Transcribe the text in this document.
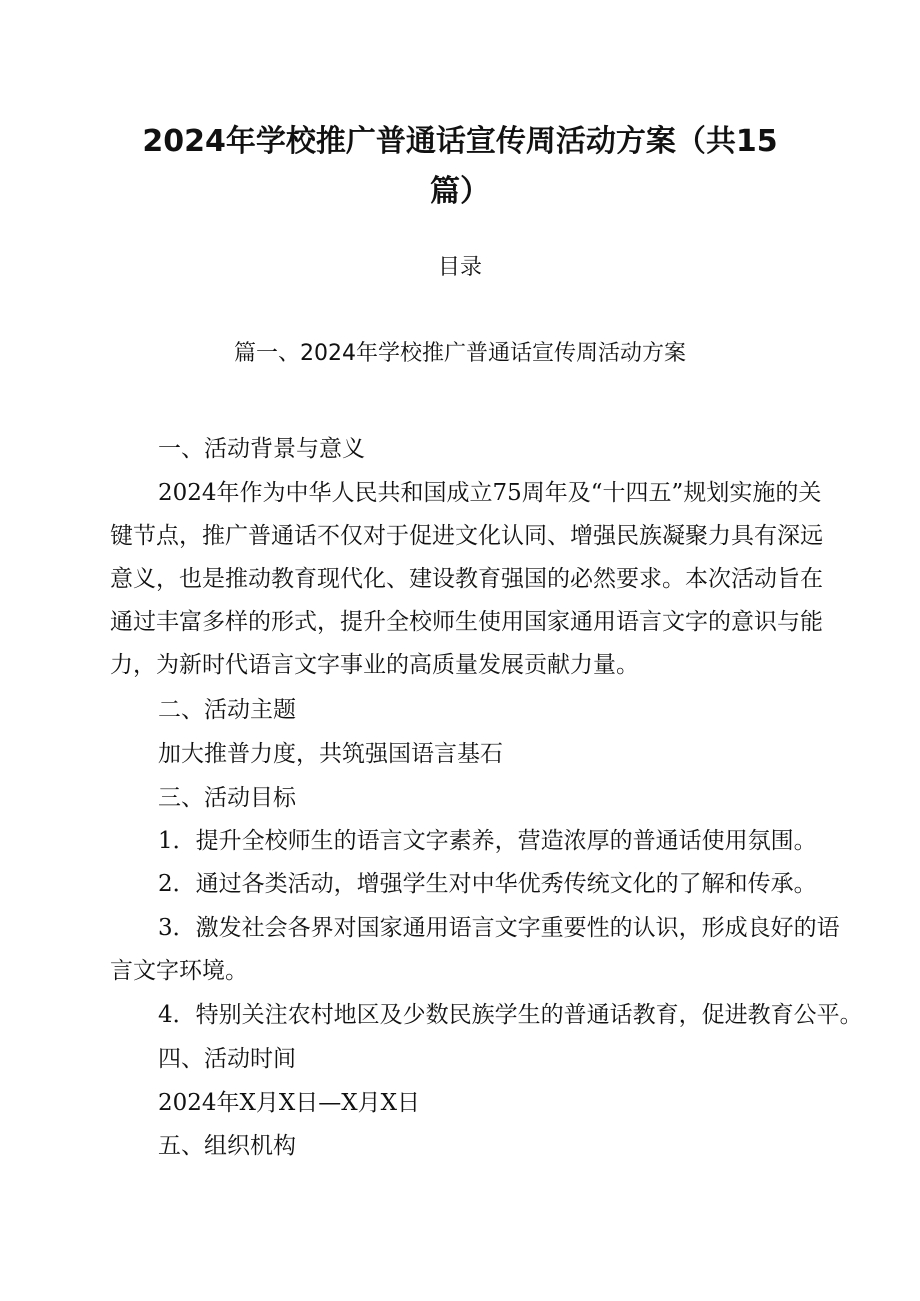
2024年学校推广普通话宣传周活动方案（共15
篇）
目录
篇一、2024年学校推广普通话宣传周活动方案
一、活动背景与意义
2024年作为中华人民共和国成立75周年及“十四五”规划实施的关
键节点，推广普通话不仅对于促进文化认同、增强民族凝聚力具有深远
意义，也是推动教育现代化、建设教育强国的必然要求。本次活动旨在
通过丰富多样的形式，提升全校师生使用国家通用语言文字的意识与能
力，为新时代语言文字事业的高质量发展贡献力量。
二、活动主题
加大推普力度，共筑强国语言基石
三、活动目标
1．提升全校师生的语言文字素养，营造浓厚的普通话使用氛围。
2．通过各类活动，增强学生对中华优秀传统文化的了解和传承。
3．激发社会各界对国家通用语言文字重要性的认识，形成良好的语
言文字环境。
4．特别关注农村地区及少数民族学生的普通话教育，促进教育公平。
四、活动时间
2024年X月X日—X月X日
五、组织机构
